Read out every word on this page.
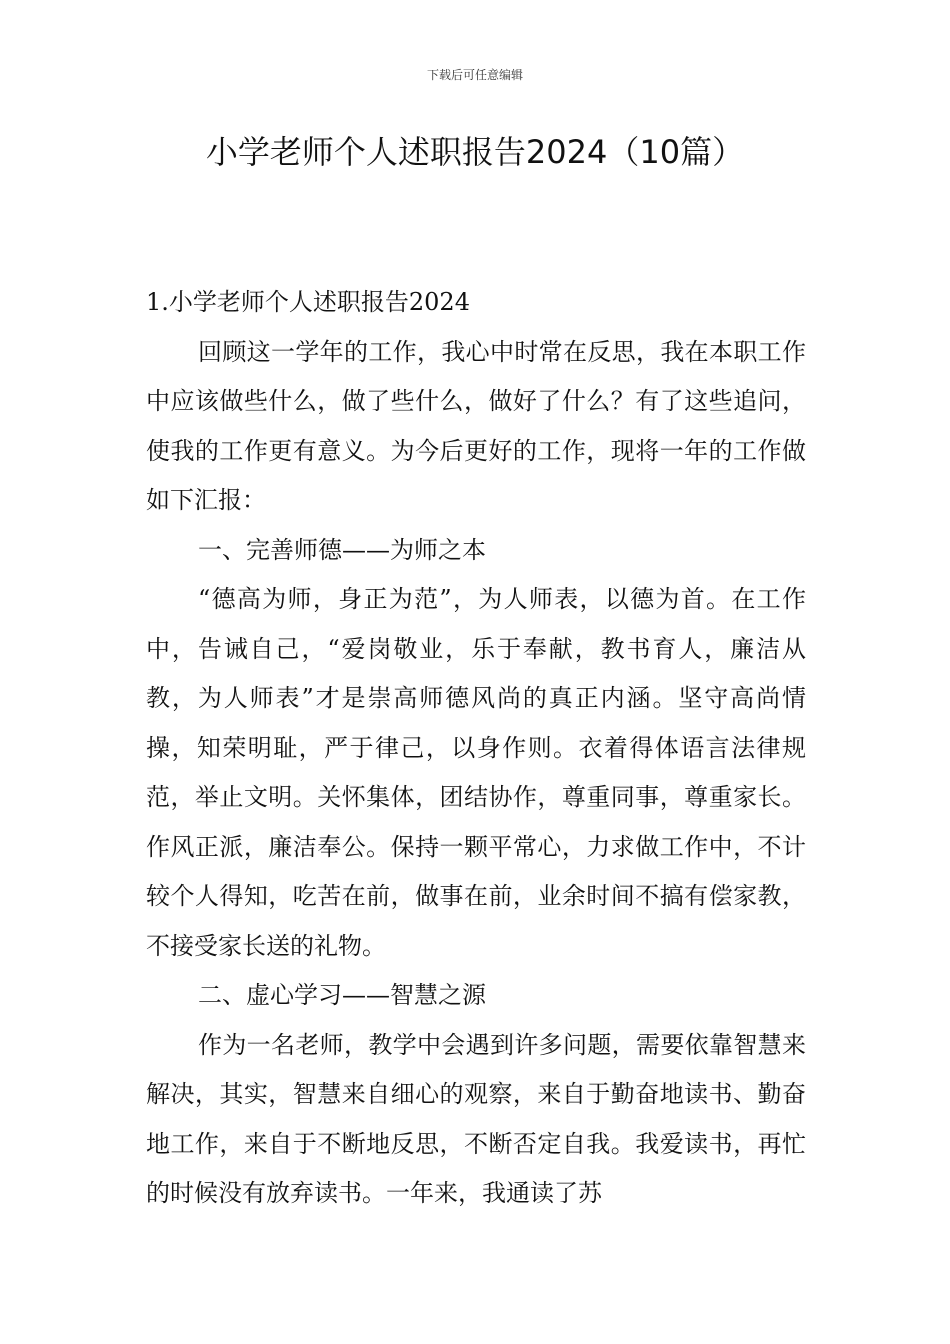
下载后可任意编辑
小学老师个人述职报告2024（10篇）

1.小学老师个人述职报告2024

回顾这一学年的工作，我心中时常在反思，我在本职工作中应该做些什么，做了些什么，做好了什么？有了这些追问，使我的工作更有意义。为今后更好的工作，现将一年的工作做如下汇报：

一、完善师德——为师之本

“德高为师，身正为范”，为人师表，以德为首。在工作中，告诫自己，“爱岗敬业，乐于奉献，教书育人，廉洁从教，为人师表”才是崇高师德风尚的真正内涵。坚守高尚情操，知荣明耻，严于律己，以身作则。衣着得体语言法律规范，举止文明。关怀集体，团结协作，尊重同事，尊重家长。作风正派，廉洁奉公。保持一颗平常心，力求做工作中，不计较个人得知，吃苦在前，做事在前，业余时间不搞有偿家教，不接受家长送的礼物。

二、虚心学习——智慧之源

作为一名老师，教学中会遇到许多问题，需要依靠智慧来解决，其实，智慧来自细心的观察，来自于勤奋地读书、勤奋地工作，来自于不断地反思，不断否定自我。我爱读书，再忙的时候没有放弃读书。一年来，我通读了苏
